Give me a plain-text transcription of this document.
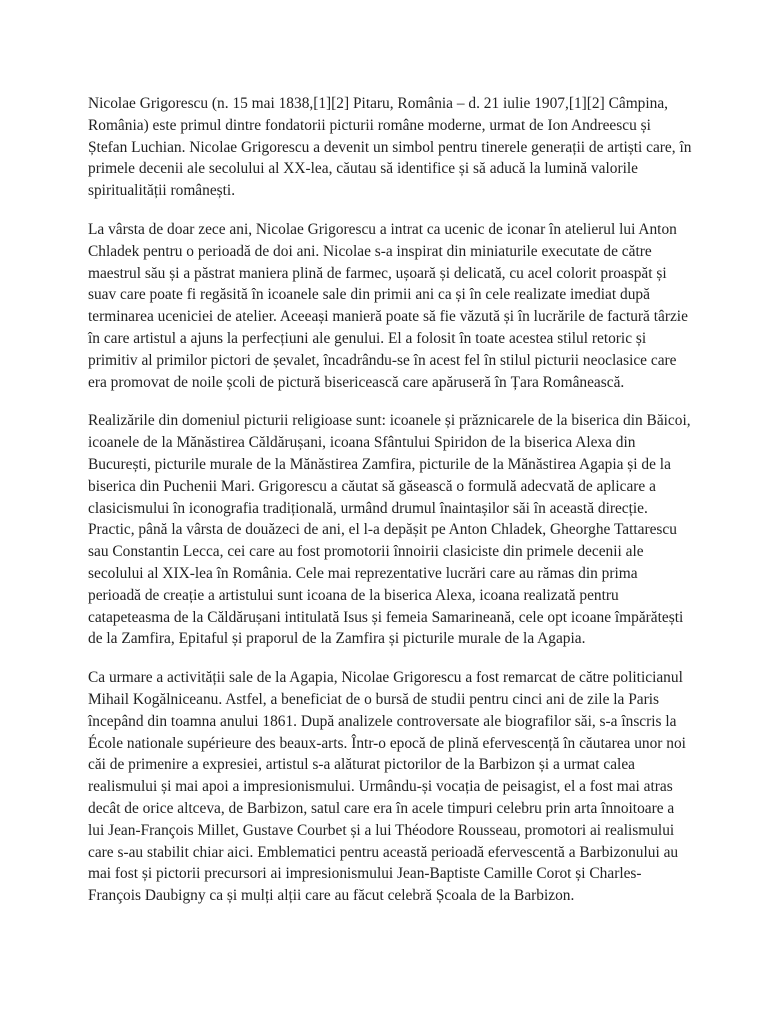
Nicolae Grigorescu (n. 15 mai 1838,[1][2] Pitaru, România – d. 21 iulie 1907,[1][2] Câmpina, România) este primul dintre fondatorii picturii române moderne, urmat de Ion Andreescu și Ștefan Luchian. Nicolae Grigorescu a devenit un simbol pentru tinerele generații de artiști care, în primele decenii ale secolului al XX-lea, căutau să identifice și să aducă la lumină valorile spiritualității românești.

La vârsta de doar zece ani, Nicolae Grigorescu a intrat ca ucenic de iconar în atelierul lui Anton Chladek pentru o perioadă de doi ani. Nicolae s-a inspirat din miniaturile executate de către maestrul său și a păstrat maniera plină de farmec, ușoară și delicată, cu acel colorit proaspăt și suav care poate fi regăsită în icoanele sale din primii ani ca și în cele realizate imediat după terminarea uceniciei de atelier. Aceeași manieră poate să fie văzută și în lucrările de factură târzie în care artistul a ajuns la perfecțiuni ale genului. El a folosit în toate acestea stilul retoric și primitiv al primilor pictori de șevalet, încadrându-se în acest fel în stilul picturii neoclasice care era promovat de noile școli de pictură bisericească care apăruseră în Țara Românească.

Realizările din domeniul picturii religioase sunt: icoanele și prăznicarele de la biserica din Băicoi, icoanele de la Mănăstirea Căldărușani, icoana Sfântului Spiridon de la biserica Alexa din București, picturile murale de la Mănăstirea Zamfira, picturile de la Mănăstirea Agapia și de la biserica din Puchenii Mari. Grigorescu a căutat să găsească o formulă adecvată de aplicare a clasicismului în iconografia tradițională, urmând drumul înaintașilor săi în această direcție. Practic, până la vârsta de douăzeci de ani, el l-a depășit pe Anton Chladek, Gheorghe Tattarescu sau Constantin Lecca, cei care au fost promotorii înnoirii clasiciste din primele decenii ale secolului al XIX-lea în România. Cele mai reprezentative lucrări care au rămas din prima perioadă de creație a artistului sunt icoana de la biserica Alexa, icoana realizată pentru catapeteasma de la Căldărușani intitulată Isus și femeia Samarineană, cele opt icoane împărătești de la Zamfira, Epitaful și praporul de la Zamfira și picturile murale de la Agapia.

Ca urmare a activității sale de la Agapia, Nicolae Grigorescu a fost remarcat de către politicianul Mihail Kogălniceanu. Astfel, a beneficiat de o bursă de studii pentru cinci ani de zile la Paris începând din toamna anului 1861. După analizele controversate ale biografilor săi, s-a înscris la École nationale supérieure des beaux-arts. Într-o epocă de plină efervescență în căutarea unor noi căi de primenire a expresiei, artistul s-a alăturat pictorilor de la Barbizon și a urmat calea realismului și mai apoi a impresionismului. Urmându-și vocația de peisagist, el a fost mai atras decât de orice altceva, de Barbizon, satul care era în acele timpuri celebru prin arta înnoitoare a lui Jean-François Millet, Gustave Courbet și a lui Théodore Rousseau, promotori ai realismului care s-au stabilit chiar aici. Emblematici pentru această perioadă efervescentă a Barbizonului au mai fost și pictorii precursori ai impresionismului Jean-Baptiste Camille Corot și Charles-François Daubigny ca și mulți alții care au făcut celebră Școala de la Barbizon.
